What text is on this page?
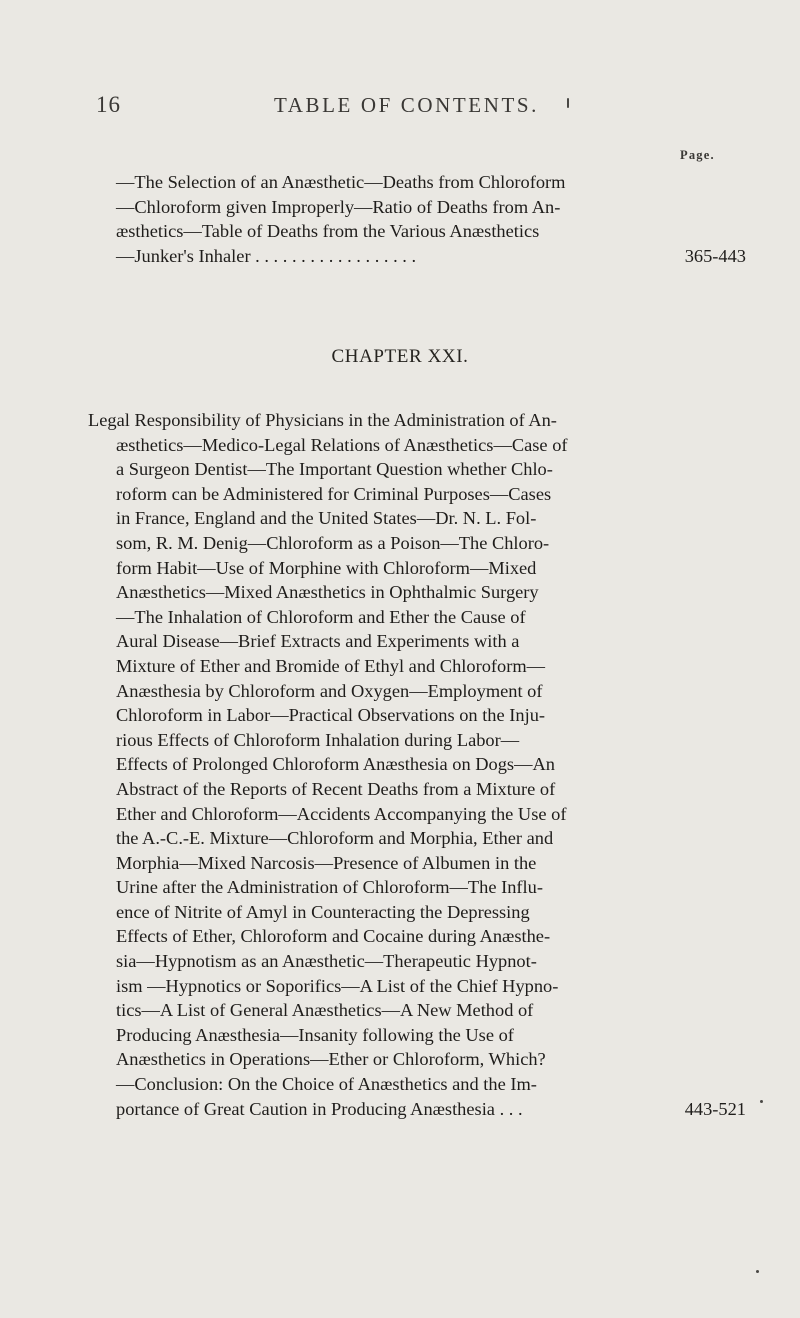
16	TABLE OF CONTENTS.
Page.
—The Selection of an Anæsthetic—Deaths from Chloroform
—Chloroform given Improperly—Ratio of Deaths from An-
æsthetics—Table of Deaths from the Various Anæsthetics
—Junker's Inhaler . . . . . . . . . . . . . . . . . .	365-443
CHAPTER XXI.
Legal Responsibility of Physicians in the Administration of An-
æsthetics—Medico-Legal Relations of Anæsthetics—Case of
a Surgeon Dentist—The Important Question whether Chlo-
roform can be Administered for Criminal Purposes—Cases
in France, England and the United States—Dr. N. L. Fol-
som, R. M. Denig—Chloroform as a Poison—The Chloro-
form Habit—Use of Morphine with Chloroform—Mixed
Anæsthetics—Mixed Anæsthetics in Ophthalmic Surgery
—The Inhalation of Chloroform and Ether the Cause of
Aural Disease—Brief Extracts and Experiments with a
Mixture of Ether and Bromide of Ethyl and Chloroform—
Anæsthesia by Chloroform and Oxygen—Employment of
Chloroform in Labor—Practical Observations on the Inju-
rious Effects of Chloroform Inhalation during Labor—
Effects of Prolonged Chloroform Anæsthesia on Dogs—An
Abstract of the Reports of Recent Deaths from a Mixture of
Ether and Chloroform—Accidents Accompanying the Use of
the A.-C.-E. Mixture—Chloroform and Morphia, Ether and
Morphia—Mixed Narcosis—Presence of Albumen in the
Urine after the Administration of Chloroform—The Influ-
ence of Nitrite of Amyl in Counteracting the Depressing
Effects of Ether, Chloroform and Cocaine during Anæsthe-
sia—Hypnotism as an Anæsthetic—Therapeutic Hypnot-
ism —Hypnotics or Soporifics—A List of the Chief Hypno-
tics—A List of General Anæsthetics—A New Method of
Producing Anæsthesia—Insanity following the Use of
Anæsthetics in Operations—Ether or Chloroform, Which?
—Conclusion: On the Choice of Anæsthetics and the Im-
portance of Great Caution in Producing Anæsthesia . . .	443-521
